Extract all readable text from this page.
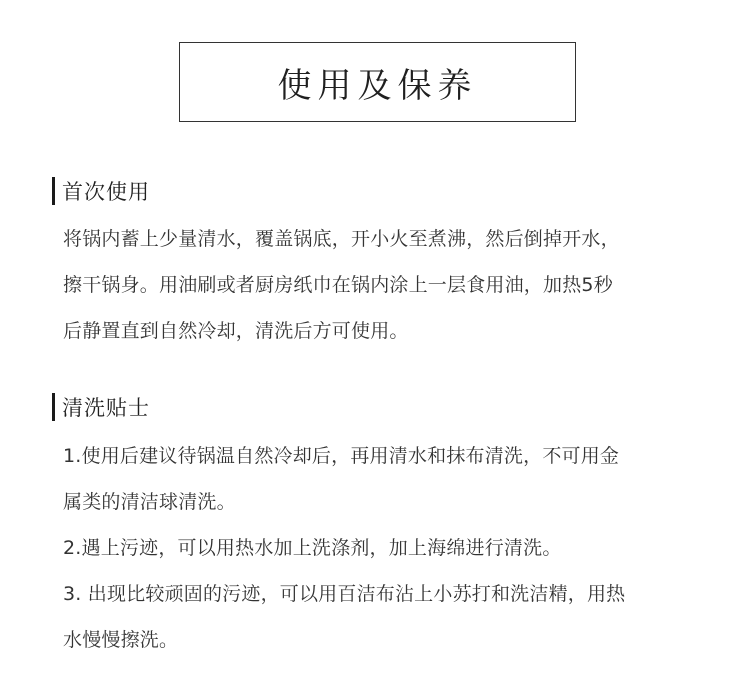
使用及保养
首次使用

将锅内蓄上少量清水，覆盖锅底，开小火至煮沸，然后倒掉开水，

擦干锅身。用油刷或者厨房纸巾在锅内涂上一层食用油，加热5秒

后静置直到自然冷却，清洗后方可使用。

清洗贴士

1.使用后建议待锅温自然冷却后，再用清水和抹布清洗，不可用金

属类的清洁球清洗。

2.遇上污迹，可以用热水加上洗涤剂，加上海绵进行清洗。

3. 出现比较顽固的污迹，可以用百洁布沾上小苏打和洗洁精，用热

水慢慢擦洗。
